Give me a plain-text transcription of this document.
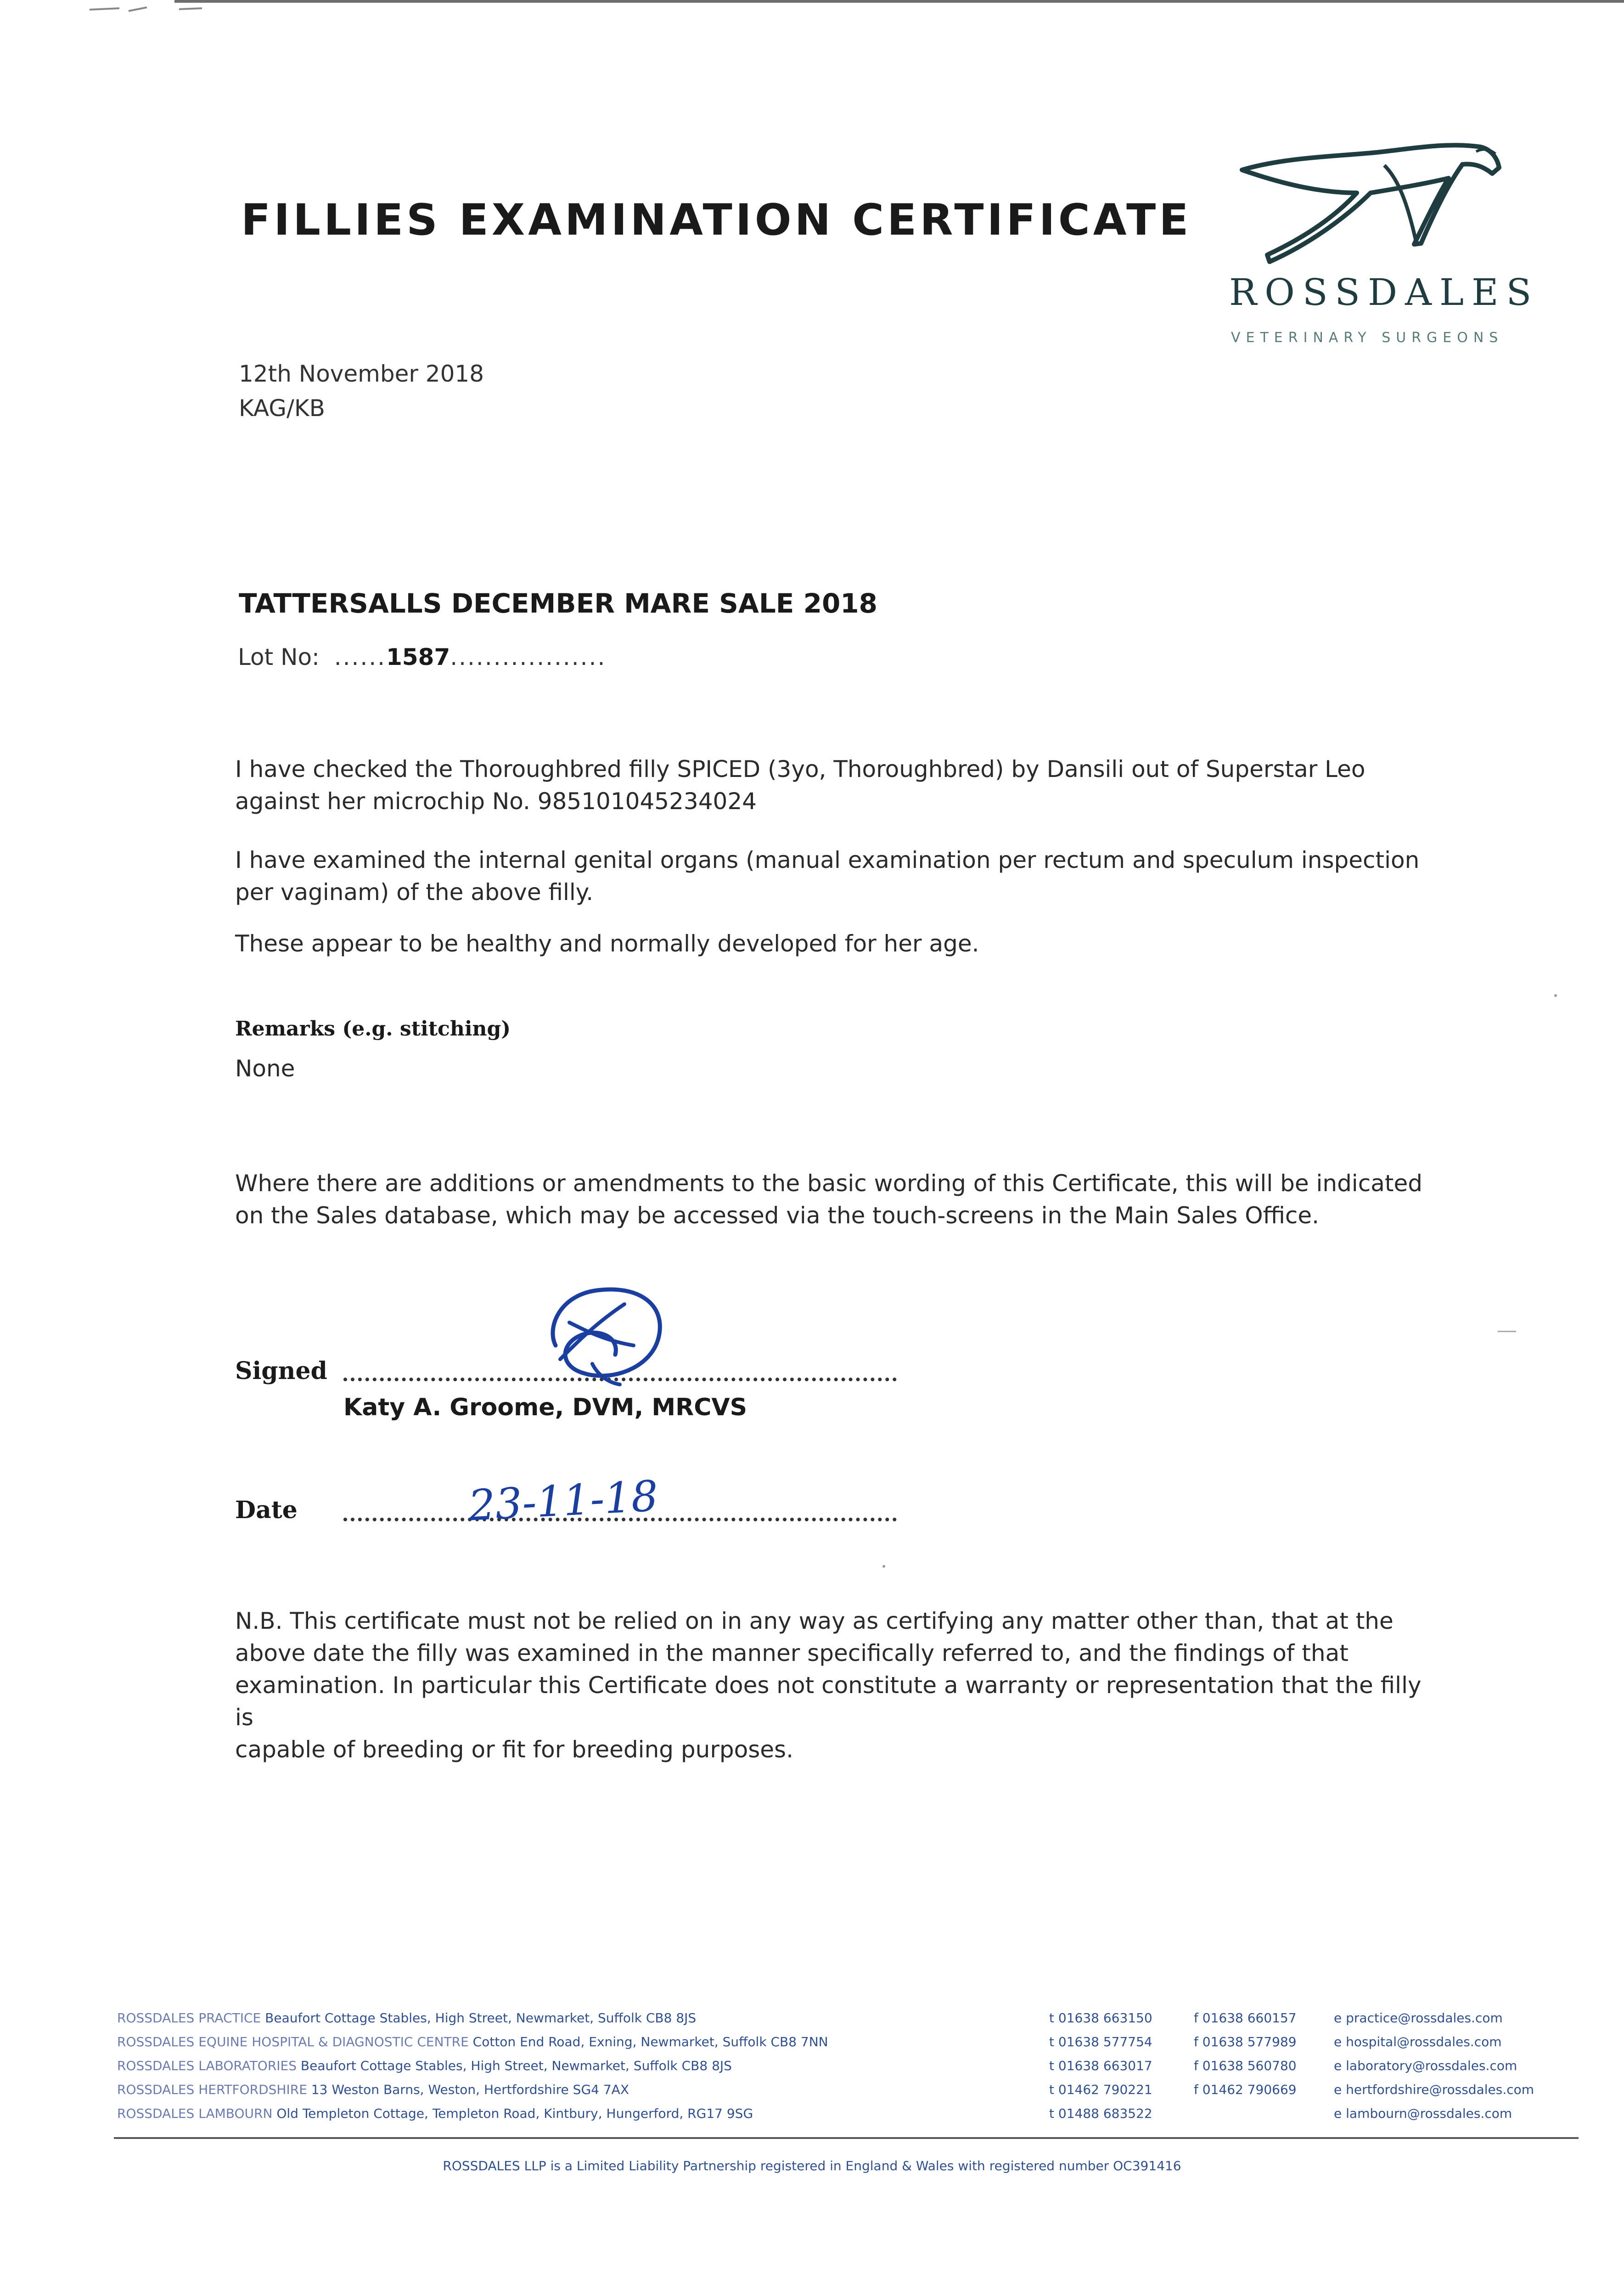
FILLIES EXAMINATION CERTIFICATE
ROSSDALES
VETERINARY SURGEONS
12th November 2018
KAG/KB
TATTERSALLS DECEMBER MARE SALE 2018
Lot No: ......1587..................
I have checked the Thoroughbred filly SPICED (3yo, Thoroughbred) by Dansili out of Superstar Leo
against her microchip No. 985101045234024
I have examined the internal genital organs (manual examination per rectum and speculum inspection
per vaginam) of the above filly.
These appear to be healthy and normally developed for her age.
Remarks (e.g. stitching)
None
Where there are additions or amendments to the basic wording of this Certificate, this will be indicated
on the Sales database, which may be accessed via the touch-screens in the Main Sales Office.
Signed
Katy A. Groome, DVM, MRCVS
Date	23-11-18
N.B. This certificate must not be relied on in any way as certifying any matter other than, that at the
above date the filly was examined in the manner specifically referred to, and the findings of that
examination. In particular this Certificate does not constitute a warranty or representation that the filly is
capable of breeding or fit for breeding purposes.
ROSSDALES PRACTICE Beaufort Cottage Stables, High Street, Newmarket, Suffolk CB8 8JS	t 01638 663150	f 01638 660157	e practice@rossdales.com
ROSSDALES EQUINE HOSPITAL & DIAGNOSTIC CENTRE Cotton End Road, Exning, Newmarket, Suffolk CB8 7NN	t 01638 577754	f 01638 577989	e hospital@rossdales.com
ROSSDALES LABORATORIES Beaufort Cottage Stables, High Street, Newmarket, Suffolk CB8 8JS	t 01638 663017	f 01638 560780	e laboratory@rossdales.com
ROSSDALES HERTFORDSHIRE 13 Weston Barns, Weston, Hertfordshire SG4 7AX	t 01462 790221	f 01462 790669	e hertfordshire@rossdales.com
ROSSDALES LAMBOURN Old Templeton Cottage, Templeton Road, Kintbury, Hungerford, RG17 9SG	t 01488 683522	e lambourn@rossdales.com
ROSSDALES LLP is a Limited Liability Partnership registered in England & Wales with registered number OC391416
